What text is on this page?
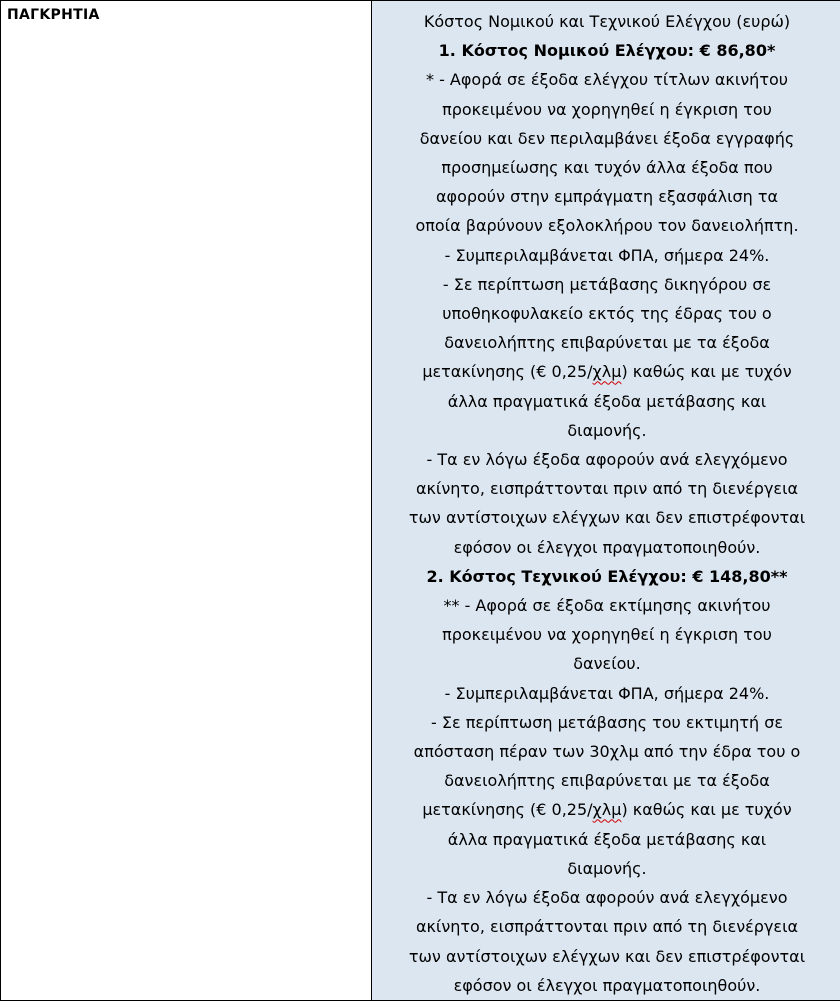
ΠΑΓΚΡΗΤΙΑ	Κόστος Νομικού και Τεχνικού Ελέγχου (ευρώ)
1. Κόστος Νομικού Ελέγχου: € 86,80*
* - Αφορά σε έξοδα ελέγχου τίτλων ακινήτου
προκειμένου να χορηγηθεί η έγκριση του
δανείου και δεν περιλαμβάνει έξοδα εγγραφής
προσημείωσης και τυχόν άλλα έξοδα που
αφορούν στην εμπράγματη εξασφάλιση τα
οποία βαρύνουν εξολοκλήρου τον δανειολήπτη.
- Συμπεριλαμβάνεται ΦΠΑ, σήμερα 24%.
- Σε περίπτωση μετάβασης δικηγόρου σε
υποθηκοφυλακείο εκτός της έδρας του ο
δανειολήπτης επιβαρύνεται με τα έξοδα
μετακίνησης (€ 0,25/χλμ) καθώς και με τυχόν
άλλα πραγματικά έξοδα μετάβασης και
διαμονής.
- Τα εν λόγω έξοδα αφορούν ανά ελεγχόμενο
ακίνητο, εισπράττονται πριν από τη διενέργεια
των αντίστοιχων ελέγχων και δεν επιστρέφονται
εφόσον οι έλεγχοι πραγματοποιηθούν.
2. Κόστος Τεχνικού Ελέγχου: € 148,80**
** - Αφορά σε έξοδα εκτίμησης ακινήτου
προκειμένου να χορηγηθεί η έγκριση του
δανείου.
- Συμπεριλαμβάνεται ΦΠΑ, σήμερα 24%.
- Σε περίπτωση μετάβασης του εκτιμητή σε
απόσταση πέραν των 30χλμ από την έδρα του ο
δανειολήπτης επιβαρύνεται με τα έξοδα
μετακίνησης (€ 0,25/χλμ) καθώς και με τυχόν
άλλα πραγματικά έξοδα μετάβασης και
διαμονής.
- Τα εν λόγω έξοδα αφορούν ανά ελεγχόμενο
ακίνητο, εισπράττονται πριν από τη διενέργεια
των αντίστοιχων ελέγχων και δεν επιστρέφονται
εφόσον οι έλεγχοι πραγματοποιηθούν.
